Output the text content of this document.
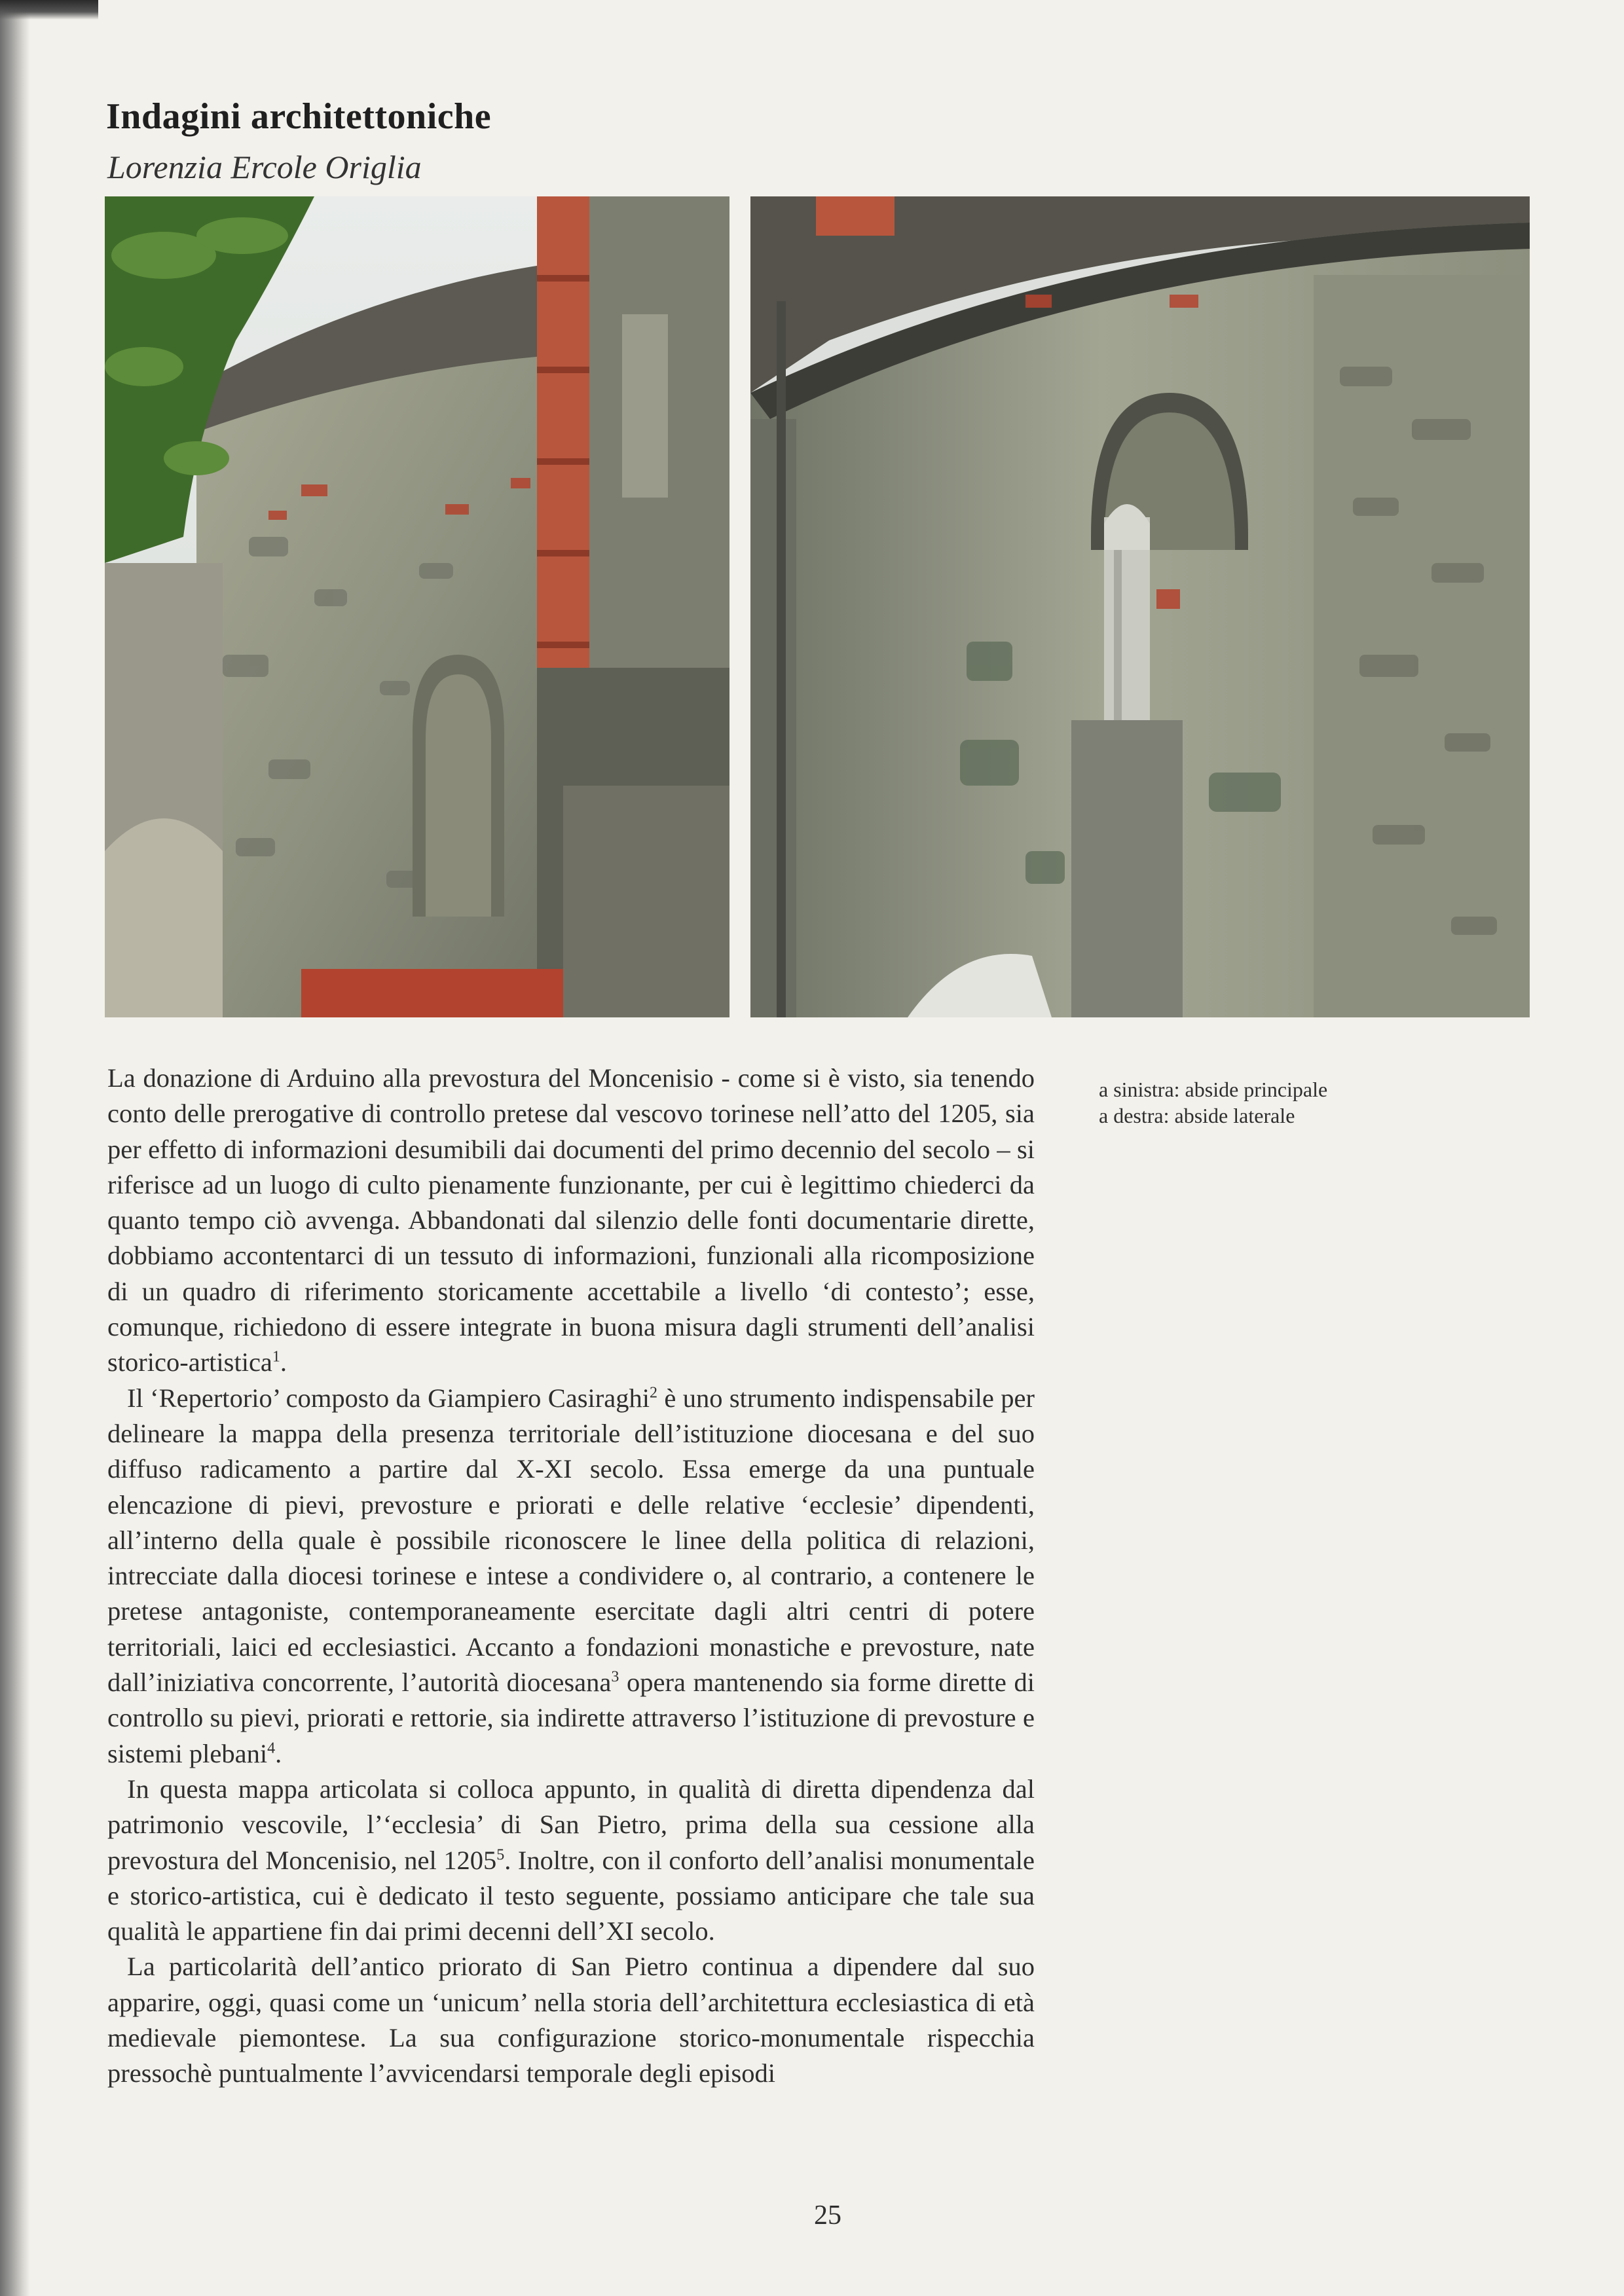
Indagini architettoniche

Lorenzia Ercole Origlia

a sinistra: abside principale
a destra: abside laterale

La donazione di Arduino alla prevostura del Moncenisio - come si è visto, sia tenendo conto delle prerogative di controllo pretese dal vescovo torinese nell’atto del 1205, sia per effetto di informazioni desumibili dai documenti del primo decennio del secolo – si riferisce ad un luogo di culto pienamente funzionante, per cui è legittimo chiederci da quanto tempo ciò avvenga. Abbandonati dal silenzio delle fonti documentarie dirette, dobbiamo accontentarci di un tessuto di informazioni, funzionali alla ricomposizione di un quadro di riferimento storicamente accettabile a livello ‘di contesto’; esse, comunque, richiedono di essere integrate in buona misura dagli strumenti dell’analisi storico-artistica$^1$.

Il ‘Repertorio’ composto da Giampiero Casiraghi$^2$ è uno strumento indispensabile per delineare la mappa della presenza territoriale dell’istituzione diocesana e del suo diffuso radicamento a partire dal X-XI secolo. Essa emerge da una puntuale elencazione di pievi, prevosture e priorati e delle relative ‘ecclesie’ dipendenti, all’interno della quale è possibile riconoscere le linee della politica di relazioni, intrecciate dalla diocesi torinese e intese a condividere o, al contrario, a contenere le pretese antagoniste, contemporaneamente esercitate dagli altri centri di potere territoriali, laici ed ecclesiastici. Accanto a fondazioni monastiche e prevosture, nate dall’iniziativa concorrente, l’autorità diocesana$^3$ opera mantenendo sia forme dirette di controllo su pievi, priorati e rettorie, sia indirette attraverso l’istituzione di prevosture e sistemi plebani$^4$.

In questa mappa articolata si colloca appunto, in qualità di diretta dipendenza dal patrimonio vescovile, l’‘ecclesia’ di San Pietro, prima della sua cessione alla prevostura del Moncenisio, nel 1205$^5$. Inoltre, con il conforto dell’analisi monumentale e storico-artistica, cui è dedicato il testo seguente, possiamo anticipare che tale sua qualità le appartiene fin dai primi decenni dell’XI secolo.

La particolarità dell’antico priorato di San Pietro continua a dipendere dal suo apparire, oggi, quasi come un ‘unicum’ nella storia dell’architettura ecclesiastica di età medievale piemontese. La sua configurazione storico-monumentale rispecchia pressochè puntualmente l’avvicendarsi temporale degli episodi

25
